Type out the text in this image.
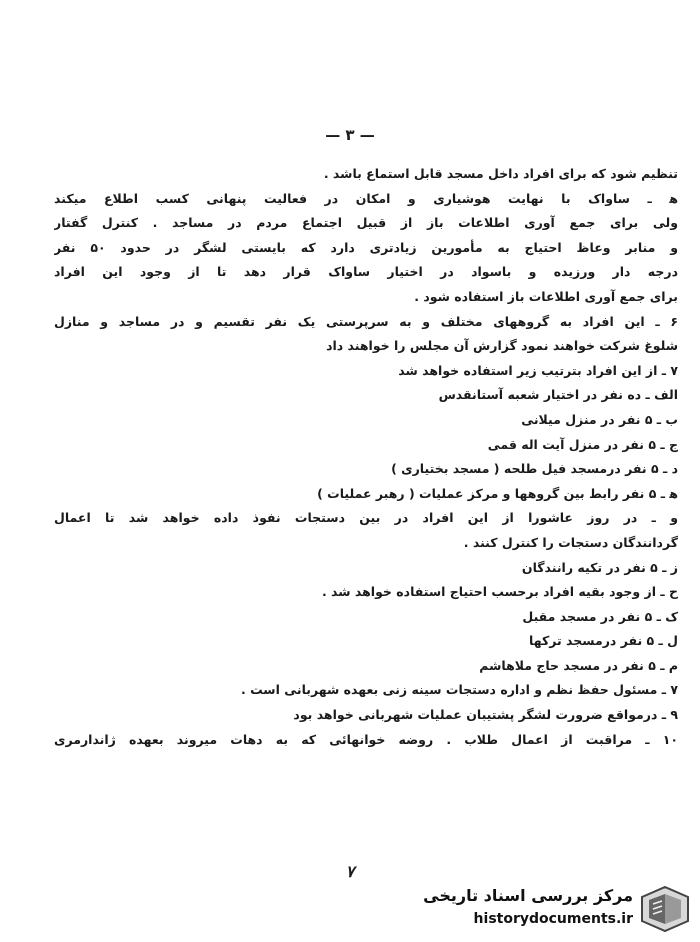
— ۳ —
تنظیم شود که برای افراد داخل مسجد قابل استماع باشد .
ﻫ ـ ساواک با نهایت هوشیاری و امکان در فعالیت پنهانی کسب اطلاع میکند
ولی برای جمع آوری اطلاعات باز از قبیل اجتماع مردم در مساجد . کنترل گفتار
و منابر وعاظ احتیاج به مأمورین زیادتری دارد که بایستی لشگر در حدود ۵۰ نفر
درجه دار ورزیده و باسواد در اختیار ساواک قرار دهد تا از وجود این افراد
برای جمع آوری اطلاعات باز استفاده شود .
۶ ـ این افراد به گروههای مختلف و به سرپرستی یک نفر تقسیم و در مساجد و منازل
شلوغ شرکت خواهند نمود گزارش آن مجلس را خواهند داد
۷ ـ از این افراد بترتیب زیر استفاده خواهد شد
الف ـ ده نفر در اختیار شعبه آستانقدس
ب ـ ۵ نفر در منزل میلانی
ج ـ ۵ نفر در منزل آیت اله قمی
د ـ ۵ نفر درمسجد فیل طلحه ( مسجد بختیاری )
ﻫ ـ ۵ نفر رابط بین گروهها و مرکز عملیات ( رهبر عملیات )
و ـ در روز عاشورا از این افراد در بین دستجات نفوذ داده خواهد شد تا اعمال
گردانندگان دستجات را کنترل کنند .
ز ـ ۵ نفر در تکیه رانندگان
ح ـ از وجود بقیه افراد برحسب احتیاج استفاده خواهد شد .
ک ـ ۵ نفر در مسجد مقبل
ل ـ ۵ نفر درمسجد ترکها
م ـ ۵ نفر در مسجد حاج ملاهاشم
۷ ـ مسئول حفظ نظم و اداره دستجات سینه زنی بعهده شهربانی است .
۹ ـ درمواقع ضرورت لشگر پشتیبان عملیات شهربانی خواهد بود
۱۰ ـ مراقبت از اعمال طلاب . روضه خوانهائی که به دهات میروند بعهده ژاندارمری
۷
مرکز بررسی اسناد تاریخی
historydocuments.ir
